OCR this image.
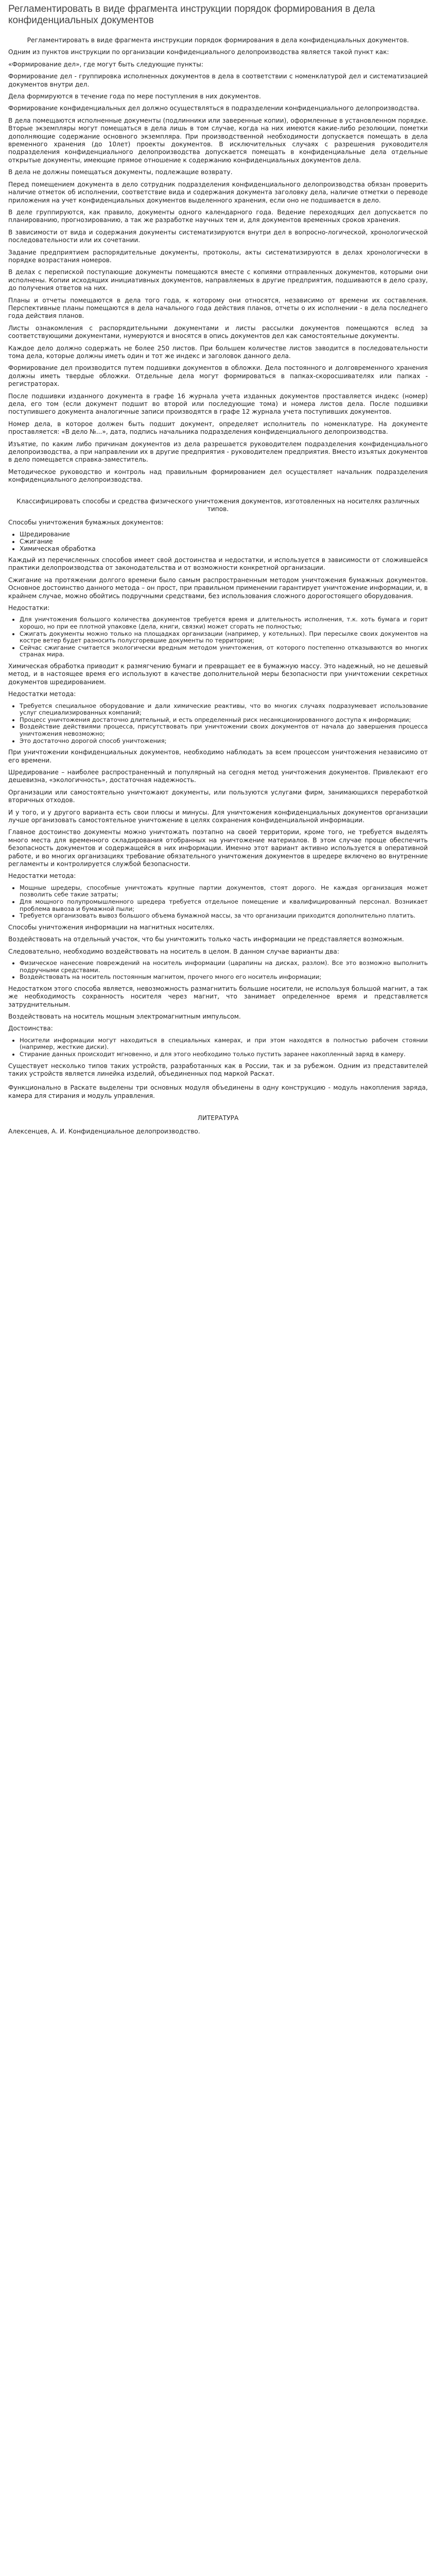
Регламентировать в виде фрагмента инструкции порядок формирования в дела конфиденциальных документов

Регламентировать в виде фрагмента инструкции порядок формирования в дела конфиденциальных документов.

Одним из пунктов инструкции по организации конфиденциального делопроизводства является такой пункт как:

«Формирование дел», где могут быть следующие пункты:

Формирование дел - группировка исполненных документов в дела в соответствии с номенклатурой дел и систематизацией документов внутри дел.

Дела формируются в течение года по мере поступления в них документов.

Формирование конфиденциальных дел должно осуществляться в подразделении конфиденциального делопроизводства.

В дела помещаются исполненные документы (подлинники или заверенные копии), оформленные в установленном порядке. Вторые экземпляры могут помещаться в дела лишь в том случае, когда на них имеются какие-либо резолюции, пометки дополняющие содержание основного экземпляра. При производственной необходимости допускается помещать в дела временного хранения (до 10лет) проекты документов. В исключительных случаях с разрешения руководителя подразделения конфиденциального делопроизводства допускается помещать в конфиденциальные дела отдельные открытые документы, имеющие прямое отношение к содержанию конфиденциальных документов дела.

В дела не должны помещаться документы, подлежащие возврату.

Перед помещением документа в дело сотрудник подразделения конфиденциального делопроизводства обязан проверить наличие отметок об исполнении, соответствие вида и содержания документа заголовку дела, наличие отметки о переводе приложения на учет конфиденциальных документов выделенного хранения, если оно не подшивается в дело.

В деле группируются, как правило, документы одного календарного года. Ведение переходящих дел допускается по планированию, прогнозированию, а так же разработке научных тем и, для документов временных сроков хранения.

В зависимости от вида и содержания документы систематизируются внутри дел в вопросно-логической, хронологической последовательности или их сочетании.

Задание предприятием распорядительные документы, протоколы, акты систематизируются в делах хронологически в порядке возрастания номеров.

В делах с перепиской поступающие документы помещаются вместе с копиями отправленных документов, которыми они исполнены. Копии исходящих инициативных документов, направляемых в другие предприятия, подшиваются в дело сразу, до получения ответов на них.

Планы и отчеты помещаются в дела того года, к которому они относятся, независимо от времени их составления. Перспективные планы помещаются в дела начального года действия планов, отчеты о их исполнении - в дела последнего года действия планов.

Листы ознакомления с распорядительными документами и листы рассылки документов помещаются вслед за соответствующими документами, нумеруются и вносятся в опись документов дел как самостоятельные документы.

Каждое дело должно содержать не более 250 листов. При большем количестве листов заводится в последовательности тома дела, которые должны иметь один и тот же индекс и заголовок данного дела.

Формирование дел производится путем подшивки документов в обложки. Дела постоянного и долговременного хранения должны иметь твердые обложки. Отдельные дела могут формироваться в папках-скоросшивателях или папках - регистраторах.

После подшивки изданного документа в графе 16 журнала учета изданных документов проставляется индекс (номер) дела, его том (если документ подшит во второй или последующие тома) и номера листов дела. После подшивки поступившего документа аналогичные записи производятся в графе 12 журнала учета поступивших документов.

Номер дела, в которое должен быть подшит документ, определяет исполнитель по номенклатуре. На документе проставляется: «В дело №...», дата, подпись начальника подразделения конфиденциального делопроизводства.

Изъятие, по каким либо причинам документов из дела разрешается руководителем подразделения конфиденциального делопроизводства, а при направлении их в другие предприятия - руководителем предприятия. Вместо изъятых документов в дело помещается справка-заместитель.

Методическое руководство и контроль над правильным формированием дел осуществляет начальник подразделения конфиденциального делопроизводства.

Классифицировать способы и средства физического уничтожения документов, изготовленных на носителях различных типов.

Способы уничтожения бумажных документов:

• Шредирование
• Сжигание
• Химическая обработка

Каждый из перечисленных способов имеет свой достоинства и недостатки, и используется в зависимости от сложившейся практики делопроизводства от законодательства и от возможности конкретной организации.

Сжигание на протяжении долгого времени было самым распространенным методом уничтожения бумажных документов. Основное достоинство данного метода – он прост, при правильном применении гарантирует уничтожение информации, и, в крайнем случае, можно обойтись подручными средствами, без использования сложного дорогостоящего оборудования.

Недостатки:

• Для уничтожения большого количества документов требуется время и длительность исполнения, т.к. хоть бумага и горит хорошо, но при ее плотной упаковке (дела, книги, связки) может сгорать не полностью;
• Сжигать документы можно только на площадках организации (например, у котельных). При пересылке своих документов на костре ветер будет разносить полусгоревшие документы по территории;
• Сейчас сжигание считается экологически вредным методом уничтожения, от которого постепенно отказываются во многих странах мира.

Химическая обработка приводит к размягчению бумаги и превращает ее в бумажную массу. Это надежный, но не дешевый метод, и в настоящее время его используют в качестве дополнительной меры безопасности при уничтожении секретных документов шредированием.

Недостатки метода:

• Требуется специальное оборудование и дали химические реактивы, что во многих случаях подразумевает использование услуг специализированных компаний;
• Процесс уничтожения достаточно длительный, и есть определенный риск несанкционированного доступа к информации;
• Воздействие действиями процесса, присутствовать при уничтожении своих документов от начала до завершения процесса уничтожения невозможно;
• Это достаточно дорогой способ уничтожения;

При уничтожении конфиденциальных документов, необходимо наблюдать за всем процессом уничтожения независимо от его времени.

Шредирование – наиболее распространенный и популярный на сегодня метод уничтожения документов. Привлекают его дешевизна, «экологичность», достаточная надежность.

Организации или самостоятельно уничтожают документы, или пользуются услугами фирм, занимающихся переработкой вторичных отходов.

И у того, и у другого варианта есть свои плюсы и минусы. Для уничтожения конфиденциальных документов организации лучше организовать самостоятельное уничтожение в целях сохранения конфиденциальной информации.

Главное достоинство документы можно уничтожать поэтапно на своей территории, кроме того, не требуется выделять много места для временного складирования отобранных на уничтожение материалов. В этом случае проще обеспечить безопасность документов и содержащейся в них информации. Именно этот вариант активно используется в оперативной работе, и во многих организациях требование обязательного уничтожения документов в шредере включено во внутренние регламенты и контролируется службой безопасности.

Недостатки метода:

• Мощные шредеры, способные уничтожать крупные партии документов, стоят дорого. Не каждая организация может позволить себе такие затраты;
• Для мощного полупромышленного шредера требуется отдельное помещение и квалифицированный персонал. Возникает проблема вывоза и бумажной пыли;
• Требуется организовать вывоз большого объема бумажной массы, за что организации приходится дополнительно платить.

Способы уничтожения информации на магнитных носителях.

Воздействовать на отдельный участок, что бы уничтожить только часть информации не представляется возможным.

Следовательно, необходимо воздействовать на носитель в целом. В данном случае варианты два:

• Физическое нанесение повреждений на носитель информации (царапины на дисках, разлом). Все это возможно выполнить подручными средствами.
• Воздействовать на носитель постоянным магнитом, прочего много его носитель информации;

Недостатком этого способа является, невозможность размагнитить большие носители, не используя большой магнит, а так же необходимость сохранность носителя через магнит, что занимает определенное время и представляется затруднительным.

Воздействовать на носитель мощным электромагнитным импульсом.

Достоинства:

• Носители информации могут находиться в специальных камерах, и при этом находятся в полностью рабочем стоянии (например, жесткие диски).
• Стирание данных происходит мгновенно, и для этого необходимо только пустить заранее накопленный заряд в камеру.

Существует несколько типов таких устройств, разработанных как в России, так и за рубежом. Одним из представителей таких устройств является линейка изделий, объединенных под маркой Раскат.

Функционально в Раскате выделены три основных модуля объединены в одну конструкцию - модуль накопления заряда, камера для стирания и модуль управления.

ЛИТЕРАТУРА

Алексенцев, А. И. Конфиденциальное делопроизводство.
